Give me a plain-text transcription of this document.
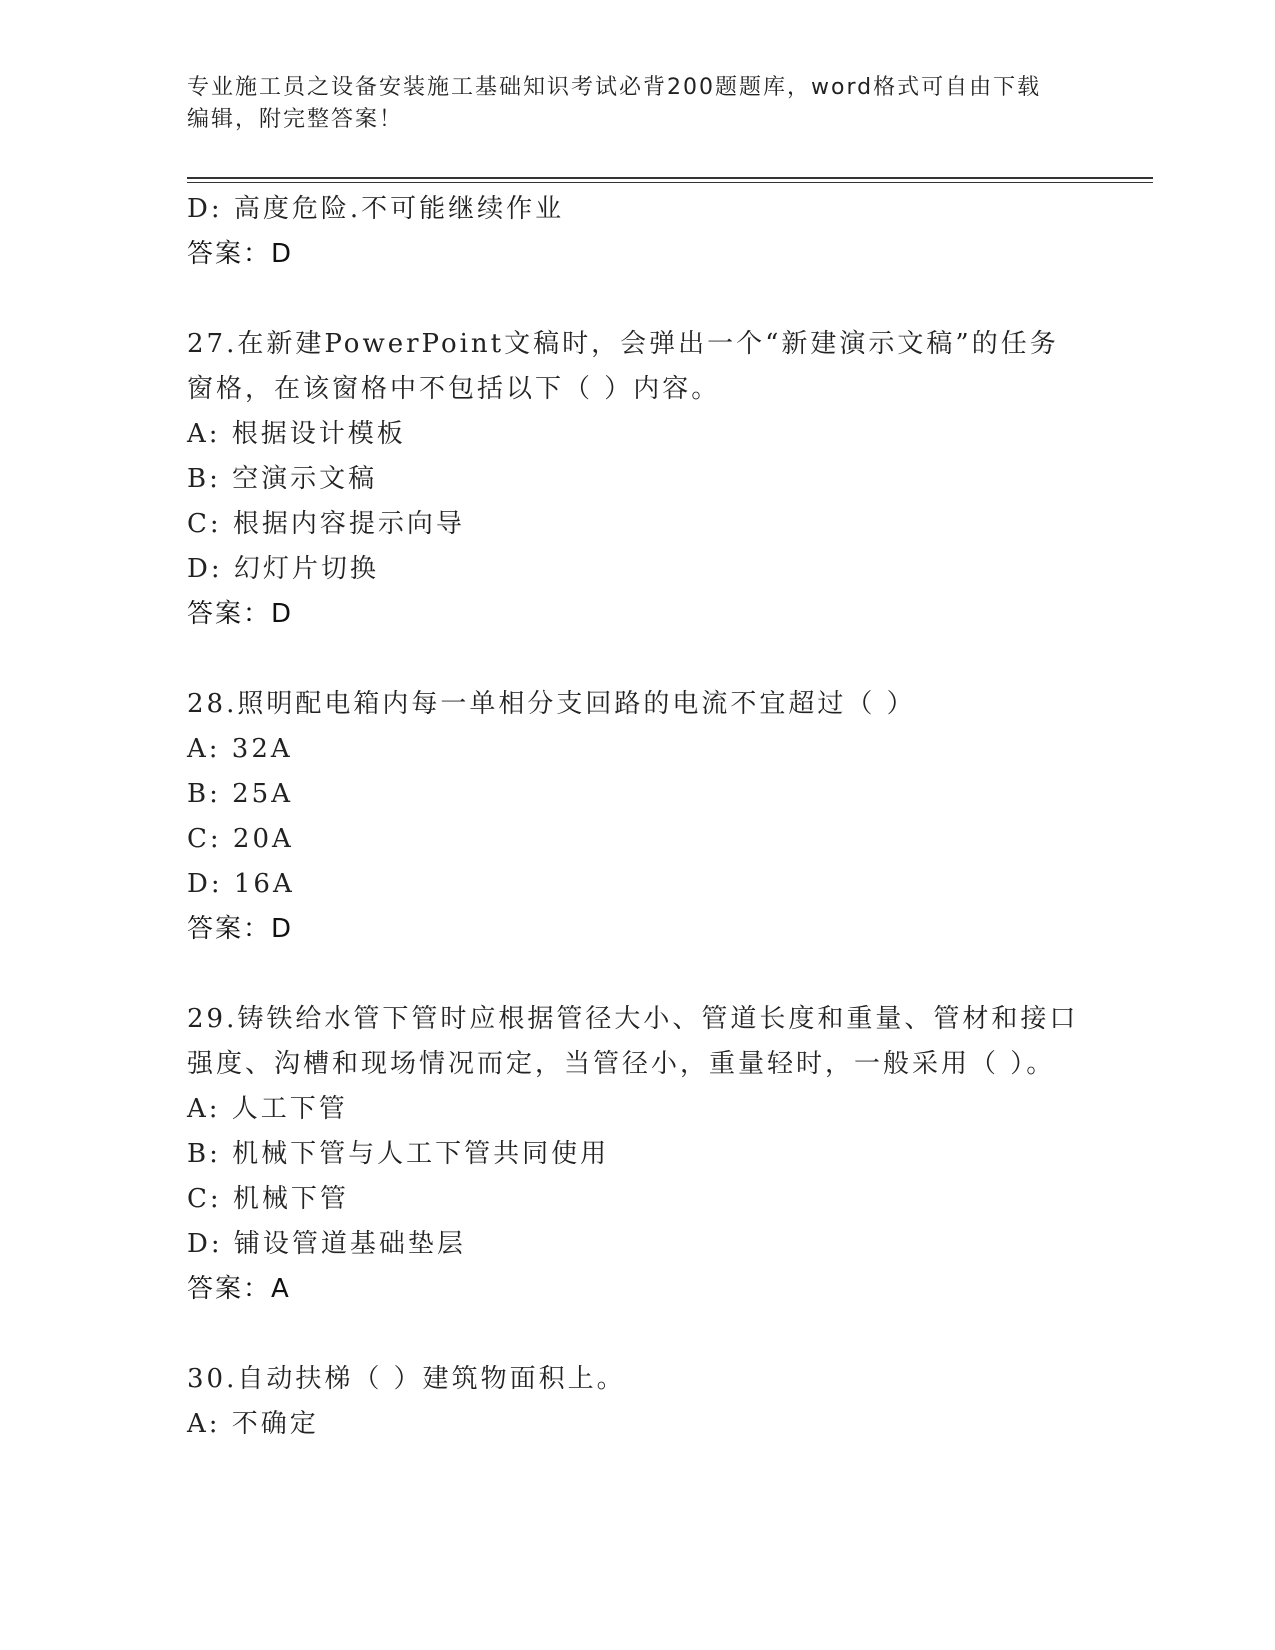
专业施工员之设备安装施工基础知识考试必背200题题库，word格式可自由下载
编辑，附完整答案！
D: 高度危险.不可能继续作业
答案：D
27.在新建PowerPoint文稿时，会弹出一个“新建演示文稿”的任务
窗格，在该窗格中不包括以下（ ）内容。
A: 根据设计模板
B: 空演示文稿
C: 根据内容提示向导
D: 幻灯片切换
答案：D
28.照明配电箱内每一单相分支回路的电流不宜超过（ ）
A: 32A
B: 25A
C: 20A
D: 16A
答案：D
29.铸铁给水管下管时应根据管径大小、管道长度和重量、管材和接口
强度、沟槽和现场情况而定，当管径小，重量轻时，一般采用（ ）。
A: 人工下管
B: 机械下管与人工下管共同使用
C: 机械下管
D: 铺设管道基础垫层
答案：A
30.自动扶梯（ ）建筑物面积上。
A: 不确定
